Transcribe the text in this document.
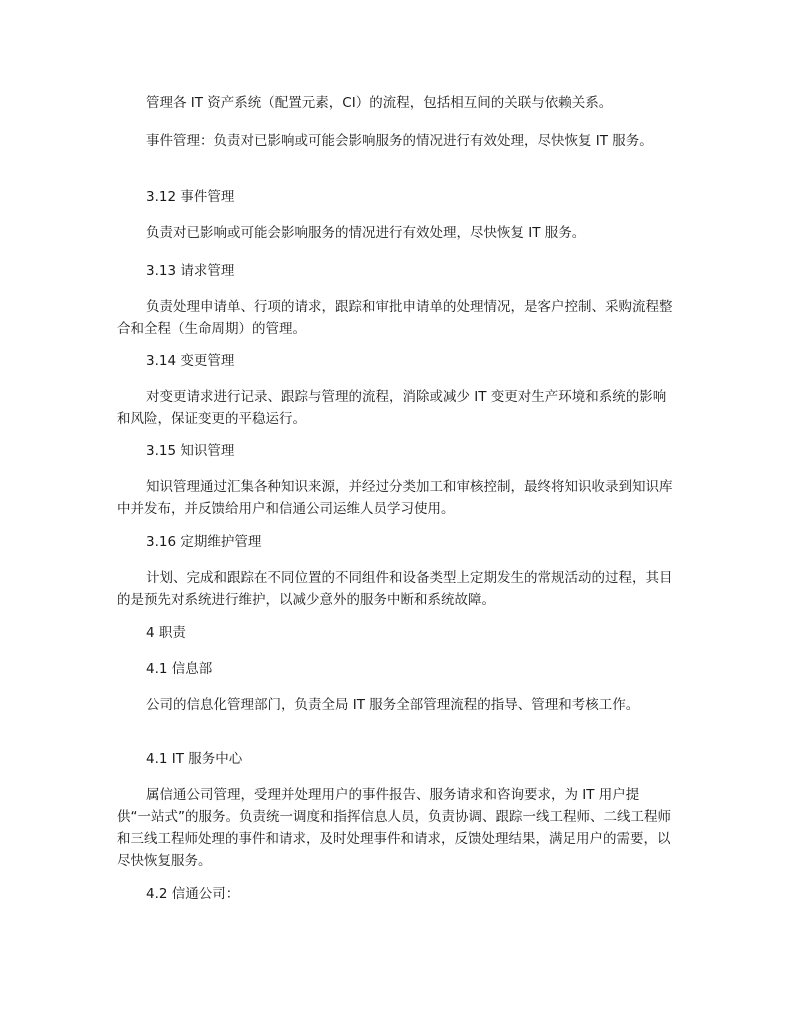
管理各 IT 资产系统（配置元素，CI）的流程，包括相互间的关联与依赖关系。

事件管理：负责对已影响或可能会影响服务的情况进行有效处理，尽快恢复 IT 服务。

3.12 事件管理

负责对已影响或可能会影响服务的情况进行有效处理，尽快恢复 IT 服务。

3.13 请求管理

负责处理申请单、行项的请求，跟踪和审批申请单的处理情况，是客户控制、采购流程整合和全程（生命周期）的管理。

3.14 变更管理

对变更请求进行记录、跟踪与管理的流程，消除或减少 IT 变更对生产环境和系统的影响和风险，保证变更的平稳运行。

3.15 知识管理

知识管理通过汇集各种知识来源，并经过分类加工和审核控制，最终将知识收录到知识库中并发布，并反馈给用户和信通公司运维人员学习使用。

3.16 定期维护管理

计划、完成和跟踪在不同位置的不同组件和设备类型上定期发生的常规活动的过程，其目的是预先对系统进行维护，以减少意外的服务中断和系统故障。

4 职责

4.1 信息部

公司的信息化管理部门，负责全局 IT 服务全部管理流程的指导、管理和考核工作。

4.1 IT 服务中心

属信通公司管理，受理并处理用户的事件报告、服务请求和咨询要求，为 IT 用户提供“一站式”的服务。负责统一调度和指挥信息人员，负责协调、跟踪一线工程师、二线工程师和三线工程师处理的事件和请求，及时处理事件和请求，反馈处理结果，满足用户的需要，以尽快恢复服务。

4.2 信通公司：
